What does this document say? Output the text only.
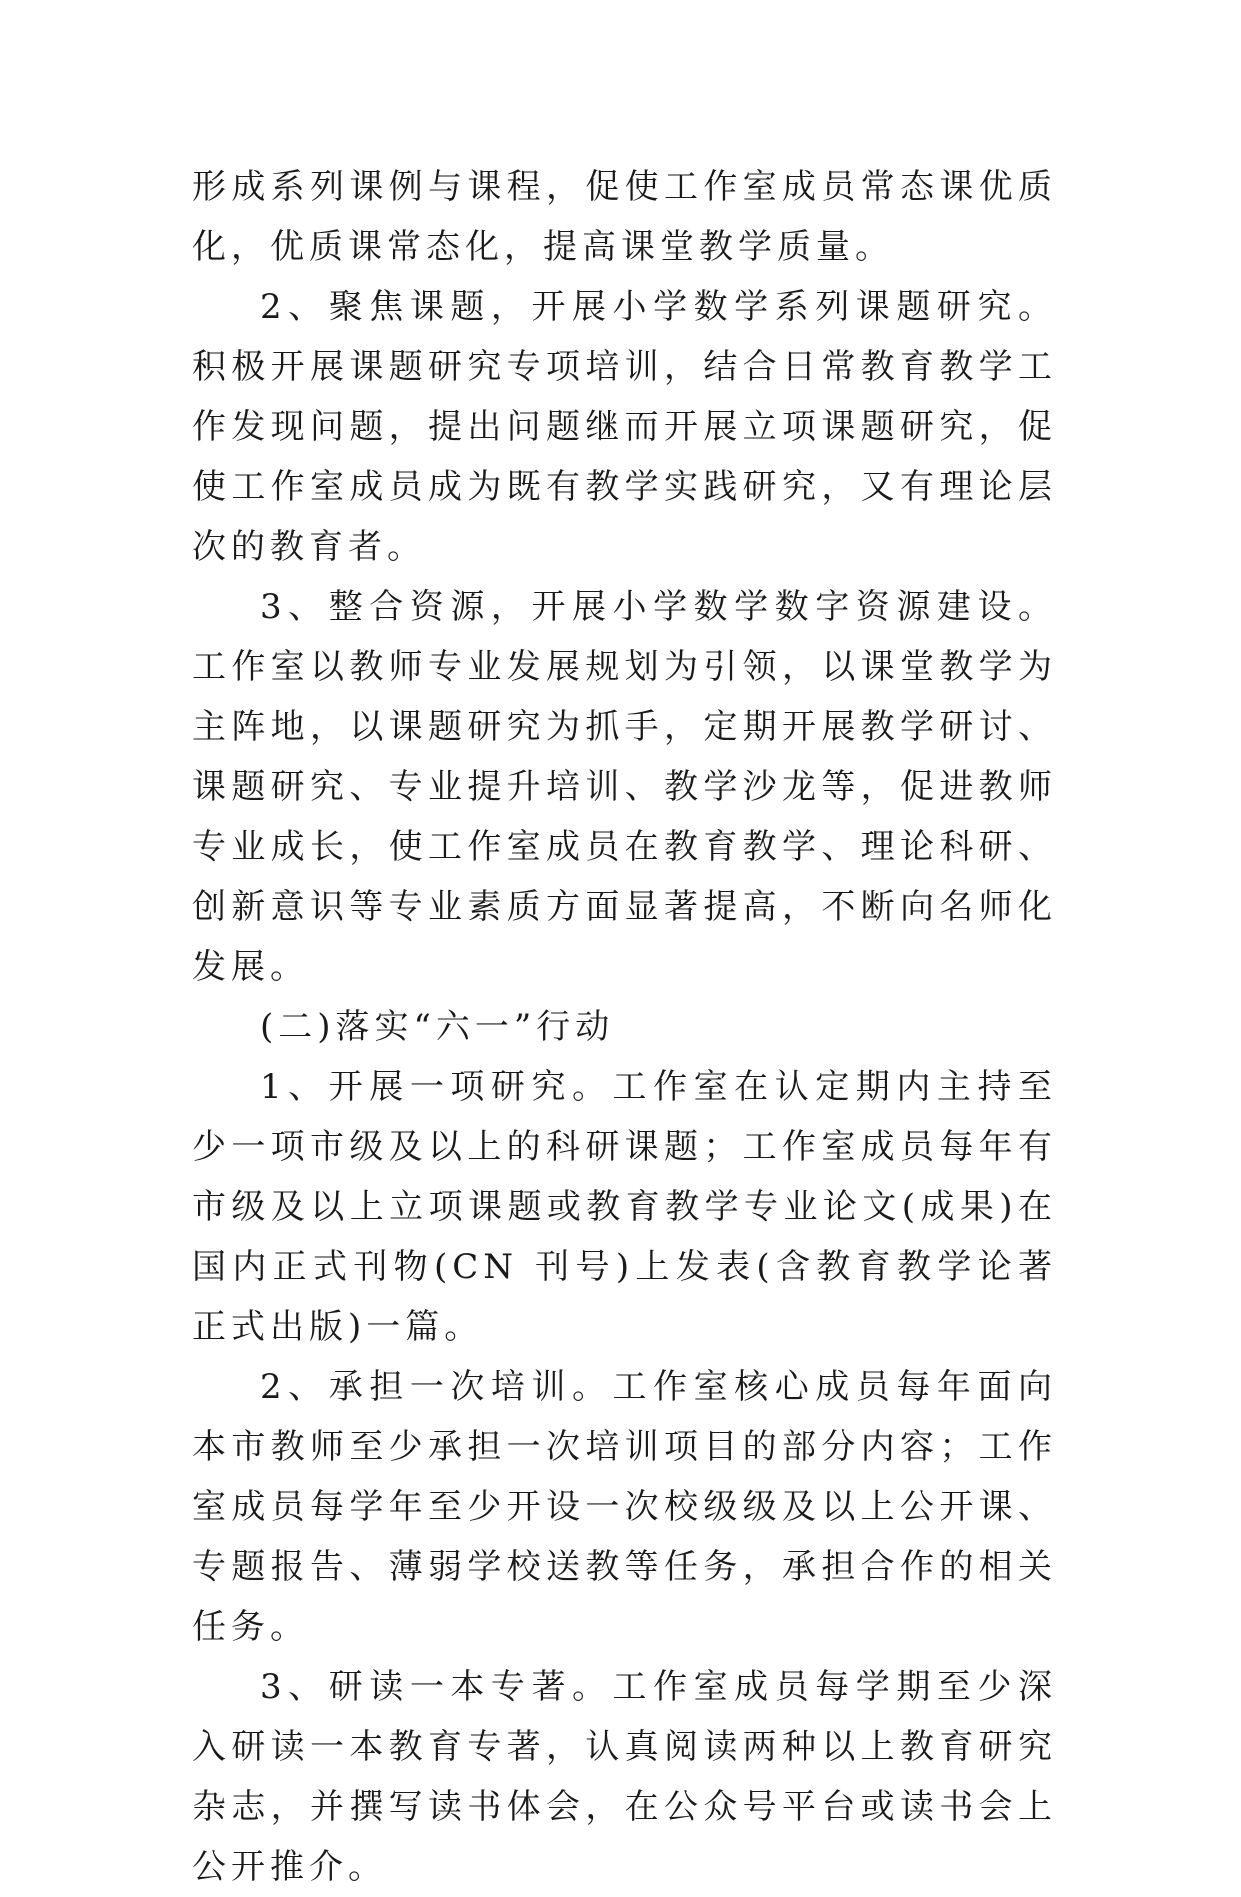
形成系列课例与课程，促使工作室成员常态课优质化，优质课常态化，提高课堂教学质量。

2、聚焦课题，开展小学数学系列课题研究。积极开展课题研究专项培训，结合日常教育教学工作发现问题，提出问题继而开展立项课题研究，促使工作室成员成为既有教学实践研究，又有理论层次的教育者。

3、整合资源，开展小学数学数字资源建设。工作室以教师专业发展规划为引领，以课堂教学为主阵地，以课题研究为抓手，定期开展教学研讨、课题研究、专业提升培训、教学沙龙等，促进教师专业成长，使工作室成员在教育教学、理论科研、创新意识等专业素质方面显著提高，不断向名师化发展。

(二)落实“六一”行动

1、开展一项研究。工作室在认定期内主持至少一项市级及以上的科研课题；工作室成员每年有市级及以上立项课题或教育教学专业论文(成果)在国内正式刊物(CN 刊号)上发表(含教育教学论著正式出版)一篇。

2、承担一次培训。工作室核心成员每年面向本市教师至少承担一次培训项目的部分内容；工作室成员每学年至少开设一次校级级及以上公开课、专题报告、薄弱学校送教等任务，承担合作的相关任务。

3、研读一本专著。工作室成员每学期至少深入研读一本教育专著，认真阅读两种以上教育研究杂志，并撰写读书体会，在公众号平台或读书会上公开推介。
